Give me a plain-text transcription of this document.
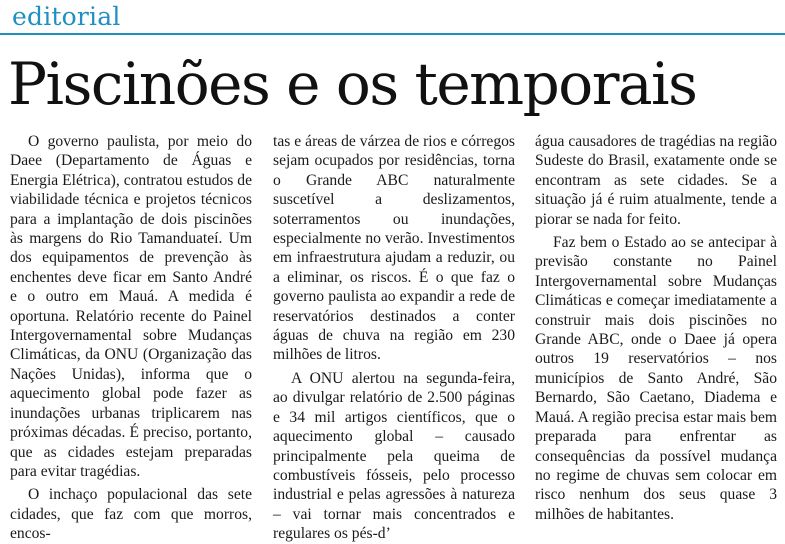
editorial
Piscinões e os temporais

O governo paulista, por meio do Daee (Departamento de Águas e Energia Elétrica), contratou estudos de viabilidade técnica e projetos técnicos para a implantação de dois piscinões às margens do Rio Tamanduateí. Um dos equipamentos de prevenção às enchentes deve ficar em Santo André e o outro em Mauá. A medida é oportuna. Relatório recente do Painel Intergovernamental sobre Mudanças Climáticas, da ONU (Organização das Nações Unidas), informa que o aquecimento global pode fazer as inundações urbanas triplicarem nas próximas décadas. É preciso, portanto, que as cidades estejam preparadas para evitar tragédias.

O inchaço populacional das sete cidades, que faz com que morros, encos-

tas e áreas de várzea de rios e córregos sejam ocupados por residências, torna o Grande ABC naturalmente suscetível a deslizamentos, soterramentos ou inundações, especialmente no verão. Investimentos em infraestrutura ajudam a reduzir, ou a eliminar, os riscos. É o que faz o governo paulista ao expandir a rede de reservatórios destinados a conter águas de chuva na região em 230 milhões de litros.

A ONU alertou na segunda-feira, ao divulgar relatório de 2.500 páginas e 34 mil artigos científicos, que o aquecimento global – causado principalmente pela queima de combustíveis fósseis, pelo processo industrial e pelas agressões à natureza – vai tornar mais concentrados e regulares os pés-d’

água causadores de tragédias na região Sudeste do Brasil, exatamente onde se encontram as sete cidades. Se a situação já é ruim atualmente, tende a piorar se nada for feito.

Faz bem o Estado ao se antecipar à previsão constante no Painel Intergovernamental sobre Mudanças Climáticas e começar imediatamente a construir mais dois piscinões no Grande ABC, onde o Daee já opera outros 19 reservatórios – nos municípios de Santo André, São Bernardo, São Caetano, Diadema e Mauá. A região precisa estar mais bem preparada para enfrentar as consequências da possível mudança no regime de chuvas sem colocar em risco nenhum dos seus quase 3 milhões de habitantes.
